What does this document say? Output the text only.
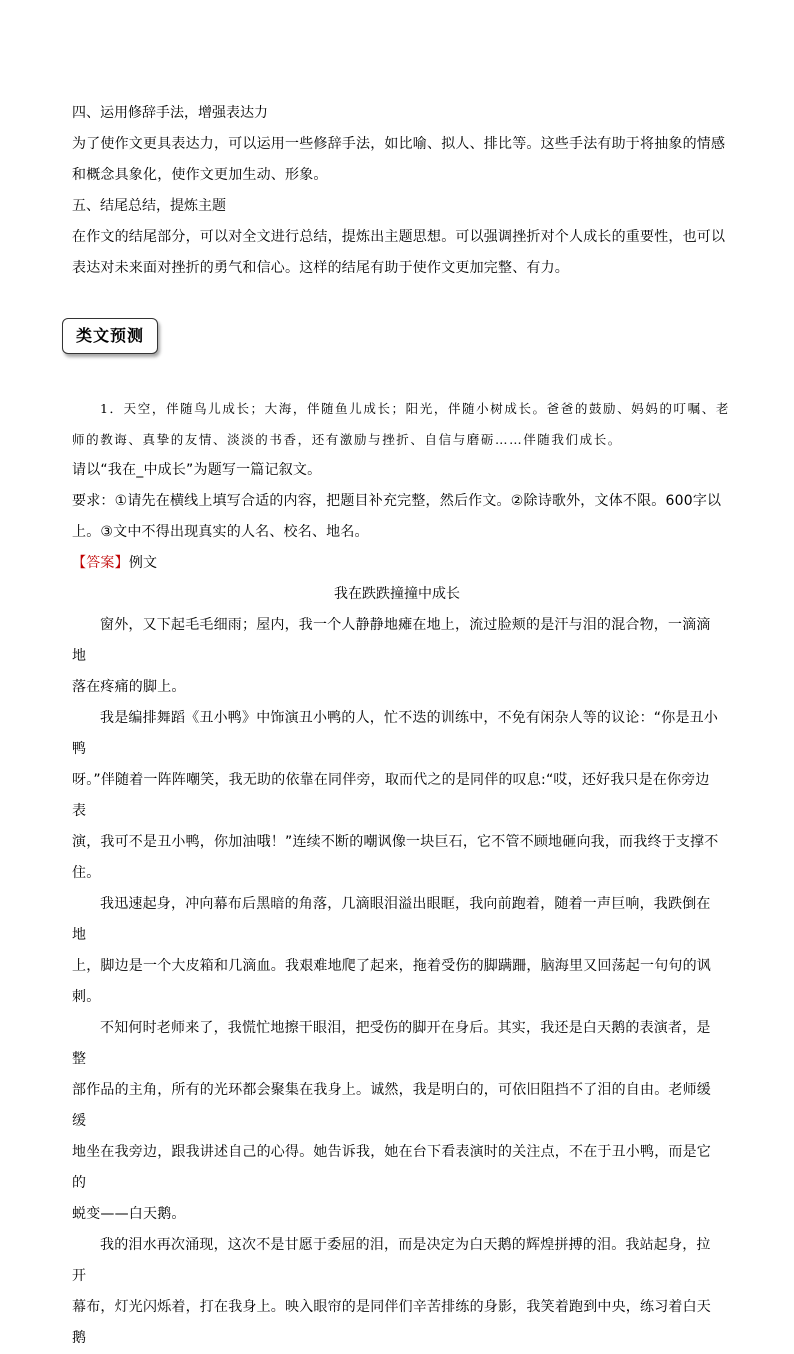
四、运用修辞手法，增强表达力

为了使作文更具表达力，可以运用一些修辞手法，如比喻、拟人、排比等。这些手法有助于将抽象的情感

和概念具象化，使作文更加生动、形象。

五、结尾总结，提炼主题

在作文的结尾部分，可以对全文进行总结，提炼出主题思想。可以强调挫折对个人成长的重要性，也可以

表达对未来面对挫折的勇气和信心。这样的结尾有助于使作文更加完整、有力。

类文预测

1．天空，伴随鸟儿成长；大海，伴随鱼儿成长；阳光，伴随小树成长。爸爸的鼓励、妈妈的叮嘱、老

师的教诲、真挚的友情、淡淡的书香，还有激励与挫折、自信与磨砺……伴随我们成长。

请以“我在_中成长”为题写一篇记叙文。

要求：①请先在横线上填写合适的内容，把题目补充完整，然后作文。②除诗歌外，文体不限。600字以

上。③文中不得出现真实的人名、校名、地名。

【答案】例文

我在跌跌撞撞中成长

窗外，又下起毛毛细雨；屋内，我一个人静静地瘫在地上，流过脸颊的是汗与泪的混合物，一滴滴地

落在疼痛的脚上。

我是编排舞蹈《丑小鸭》中饰演丑小鸭的人，忙不迭的训练中，不免有闲杂人等的议论：“你是丑小鸭

呀。”伴随着一阵阵嘲笑，我无助的依靠在同伴旁，取而代之的是同伴的叹息:“哎，还好我只是在你旁边表

演，我可不是丑小鸭，你加油哦！”连续不断的嘲讽像一块巨石，它不管不顾地砸向我，而我终于支撑不住。

我迅速起身，冲向幕布后黑暗的角落，几滴眼泪溢出眼眶，我向前跑着，随着一声巨响，我跌倒在地

上，脚边是一个大皮箱和几滴血。我艰难地爬了起来，拖着受伤的脚蹒跚，脑海里又回荡起一句句的讽刺。

不知何时老师来了，我慌忙地擦干眼泪，把受伤的脚开在身后。其实，我还是白天鹅的表演者，是整

部作品的主角，所有的光环都会聚集在我身上。诚然，我是明白的，可依旧阻挡不了泪的自由。老师缓缓

地坐在我旁边，跟我讲述自己的心得。她告诉我，她在台下看表演时的关注点，不在于丑小鸭，而是它的

蜕变——白天鹅。

我的泪水再次涌现，这次不是甘愿于委屈的泪，而是决定为白天鹅的辉煌拼搏的泪。我站起身，拉开

幕布，灯光闪烁着，打在我身上。映入眼帘的是同伴们辛苦排练的身影，我笑着跑到中央，练习着白天鹅
